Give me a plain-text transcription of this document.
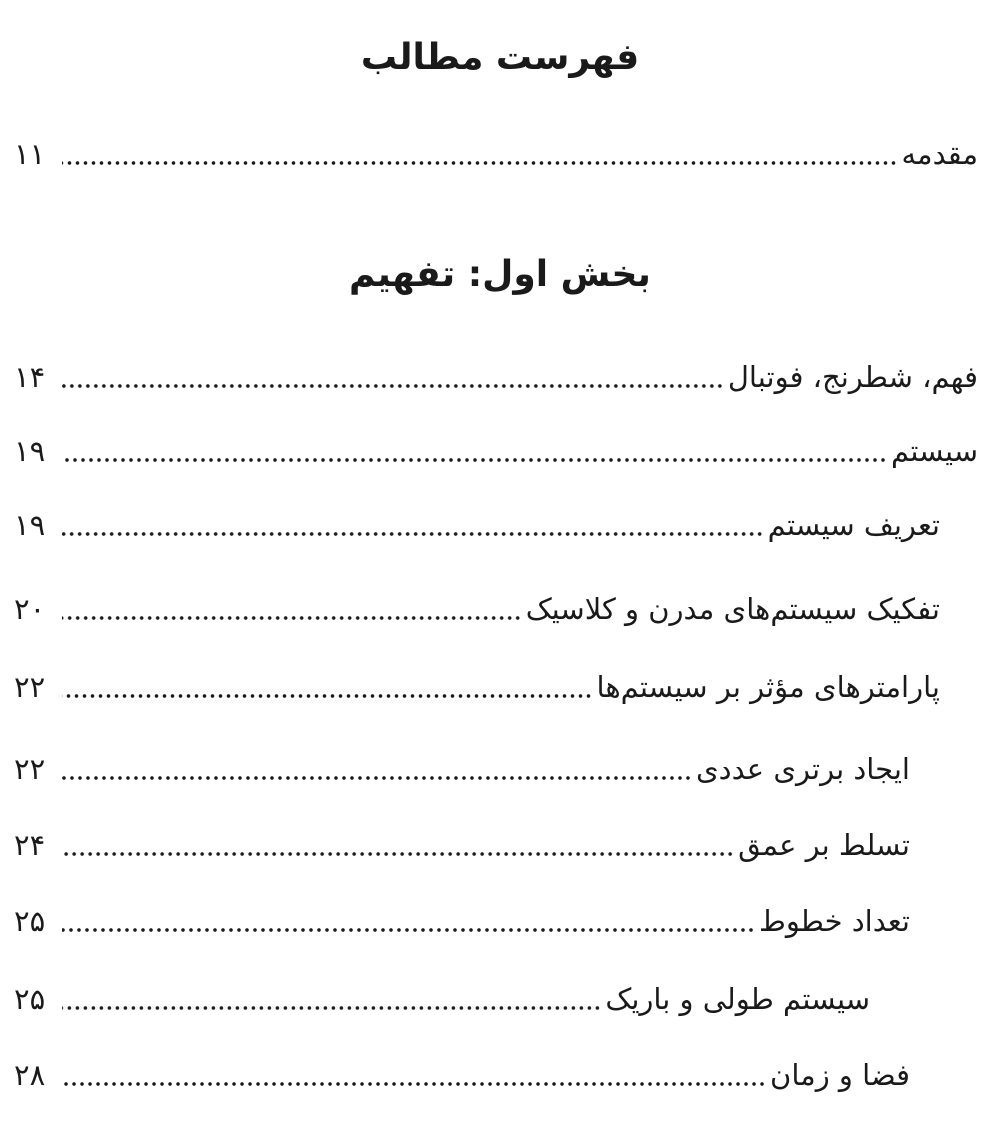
فهرست مطالب
مقدمه
۱۱
بخش اول: تفهیم
فهم، شطرنج، فوتبال
۱۴
سیستم
۱۹
تعریف سیستم
۱۹
تفکیک سیستم‌های مدرن و کلاسیک
۲۰
پارامترهای مؤثر بر سیستم‌ها
۲۲
ایجاد برتری عددی
۲۲
تسلط بر عمق
۲۴
تعداد خطوط
۲۵
سیستم طولی و باریک
۲۵
فضا و زمان
۲۸
